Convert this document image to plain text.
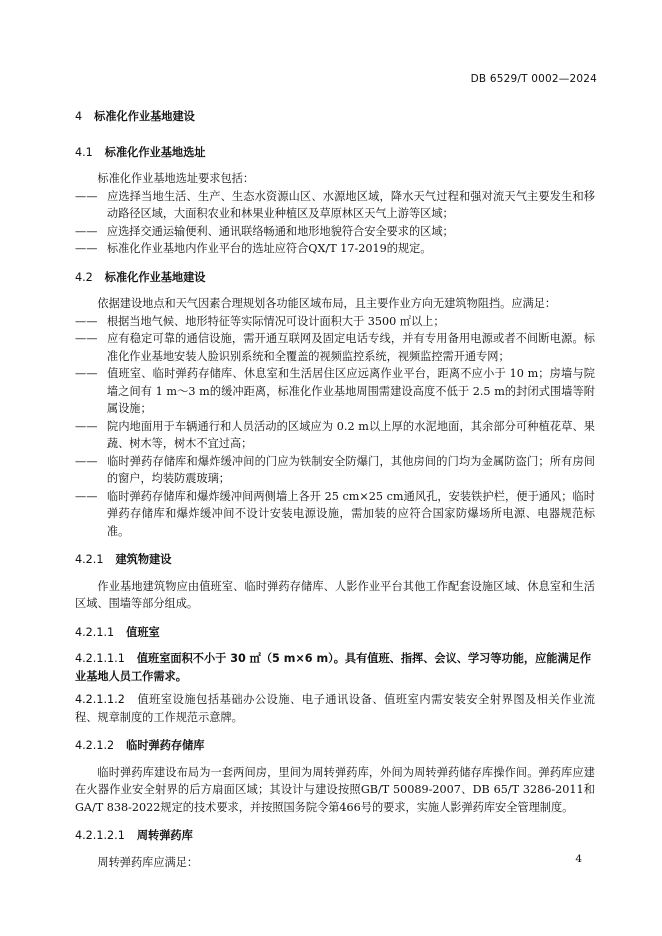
DB 6529/T 0002—2024
4 标准化作业基地建设
4.1 标准化作业基地选址

标准化作业基地选址要求包括：

—— 应选择当地生活、生产、生态水资源山区、水源地区域，降水天气过程和强对流天气主要发生和移动路径区域，大面积农业和林果业种植区及草原林区天气上游等区域；

—— 应选择交通运输便利、通讯联络畅通和地形地貌符合安全要求的区域；

—— 标准化作业基地内作业平台的选址应符合QX/T 17-2019的规定。

4.2 标准化作业基地建设

依据建设地点和天气因素合理规划各功能区域布局，且主要作业方向无建筑物阻挡。应满足：

—— 根据当地气候、地形特征等实际情况可设计面积大于 3500 ㎡以上；

—— 应有稳定可靠的通信设施，需开通互联网及固定电话专线，并有专用备用电源或者不间断电源。标准化作业基地安装人脸识别系统和全覆盖的视频监控系统，视频监控需开通专网；

—— 值班室、临时弹药存储库、休息室和生活居住区应远离作业平台，距离不应小于 10 m；房墙与院墙之间有 1 m～3 m的缓冲距离，标准化作业基地周围需建设高度不低于 2.5 m的封闭式围墙等附属设施；

—— 院内地面用于车辆通行和人员活动的区域应为 0.2 m以上厚的水泥地面，其余部分可种植花草、果蔬、树木等，树木不宜过高；

—— 临时弹药存储库和爆炸缓冲间的门应为铁制安全防爆门，其他房间的门均为金属防盗门；所有房间的窗户，均装防震玻璃；

—— 临时弹药存储库和爆炸缓冲间两侧墙上各开 25 cm×25 cm通风孔，安装铁护栏，便于通风；临时弹药存储库和爆炸缓冲间不设计安装电源设施，需加装的应符合国家防爆场所电源、电器规范标准。

4.2.1 建筑物建设

作业基地建筑物应由值班室、临时弹药存储库、人影作业平台其他工作配套设施区域、休息室和生活区域、围墙等部分组成。

4.2.1.1 值班室

4.2.1.1.1 值班室面积不小于 30 ㎡（5 m×6 m）。具有值班、指挥、会议、学习等功能，应能满足作业基地人员工作需求。

4.2.1.1.2 值班室设施包括基础办公设施、电子通讯设备、值班室内需安装安全射界图及相关作业流程、规章制度的工作规范示意牌。

4.2.1.2 临时弹药存储库

临时弹药库建设布局为一套两间房，里间为周转弹药库，外间为周转弹药储存库操作间。弹药库应建在火器作业安全射界的后方扇面区域；其设计与建设按照GB/T 50089-2007、DB 65/T 3286-2011和GA/T 838-2022规定的技术要求，并按照国务院令第466号的要求，实施人影弹药库安全管理制度。

4.2.1.2.1 周转弹药库

周转弹药库应满足：	4
